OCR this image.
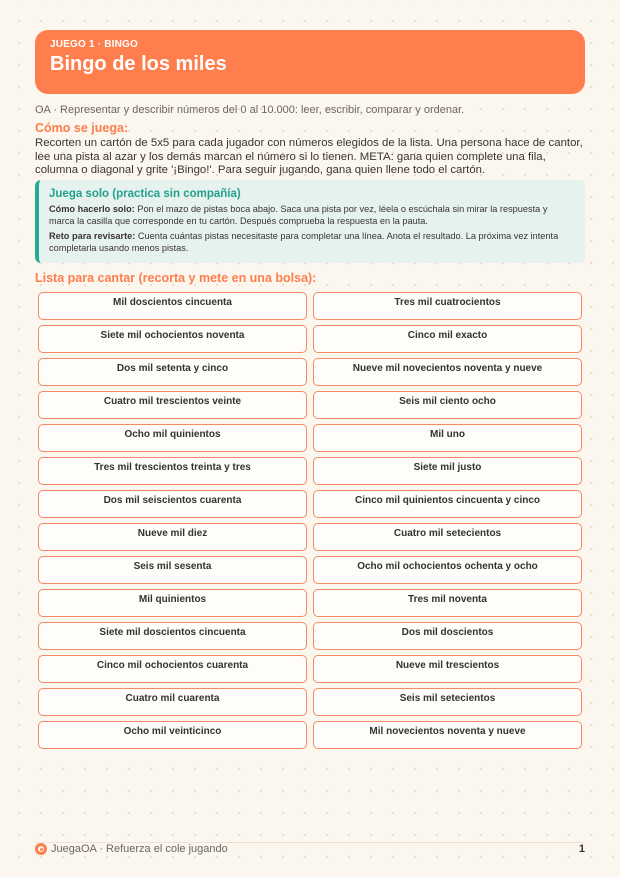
JUEGO 1 · BINGO
Bingo de los miles
OA · Representar y describir números del 0 al 10.000: leer, escribir, comparar y ordenar.
Cómo se juega:
Recorten un cartón de 5x5 para cada jugador con números elegidos de la lista. Una persona hace de cantor, lee una pista al azar y los demás marcan el número si lo tienen. META: gana quien complete una fila, columna o diagonal y grite '¡Bingo!'. Para seguir jugando, gana quien llene todo el cartón.
Juega solo (practica sin compañía)

Cómo hacerlo solo: Pon el mazo de pistas boca abajo. Saca una pista por vez, léela o escúchala sin mirar la respuesta y marca la casilla que corresponde en tu cartón. Después comprueba la respuesta en la pauta.

Reto para revisarte: Cuenta cuántas pistas necesitaste para completar una línea. Anota el resultado. La próxima vez intenta completarla usando menos pistas.

Lista para cantar (recorta y mete en una bolsa):
Mil doscientos cincuenta	Tres mil cuatrocientos
Siete mil ochocientos noventa	Cinco mil exacto
Dos mil setenta y cinco	Nueve mil novecientos noventa y nueve
Cuatro mil trescientos veinte	Seis mil ciento ocho
Ocho mil quinientos	Mil uno
Tres mil trescientos treinta y tres	Siete mil justo
Dos mil seiscientos cuarenta	Cinco mil quinientos cincuenta y cinco
Nueve mil diez	Cuatro mil setecientos
Seis mil sesenta	Ocho mil ochocientos ochenta y ocho
Mil quinientos	Tres mil noventa
Siete mil doscientos cincuenta	Dos mil doscientos
Cinco mil ochocientos cuarenta	Nueve mil trescientos
Cuatro mil cuarenta	Seis mil setecientos
Ocho mil veinticinco	Mil novecientos noventa y nueve
JuegaOA · Refuerza el cole jugando	1
